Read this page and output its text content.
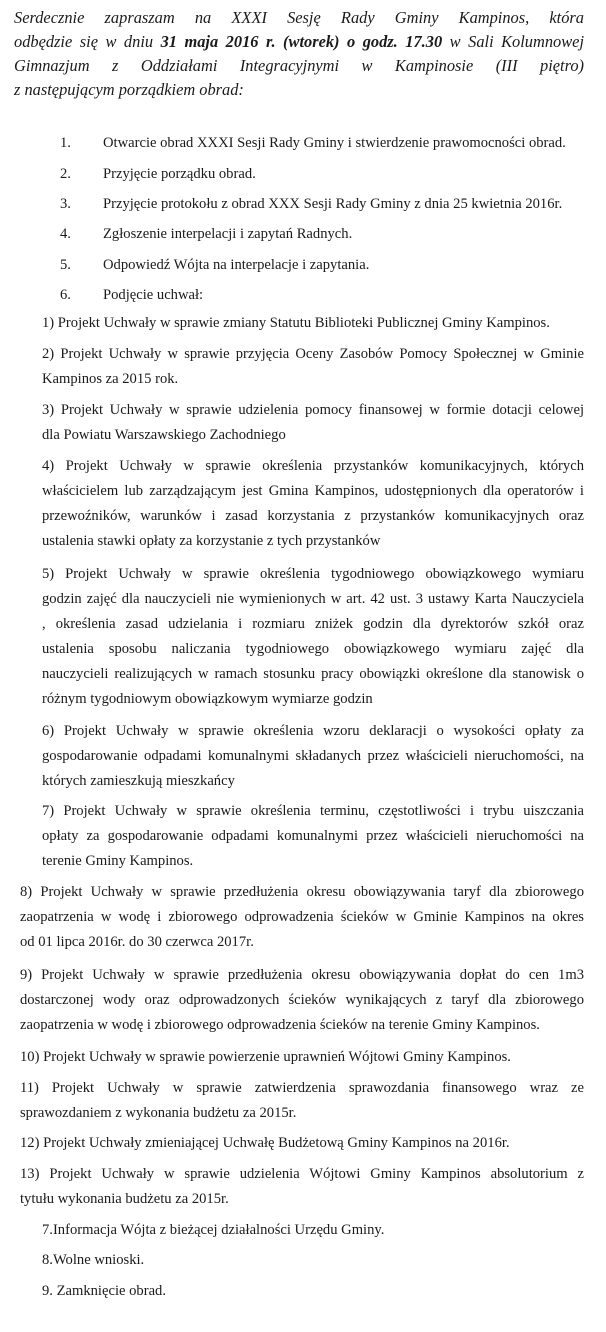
Serdecznie zapraszam na XXXI Sesję Rady Gminy Kampinos, która
odbędzie się w dniu 31 maja 2016 r. (wtorek) o godz. 17.30 w Sali Kolumnowej
Gimnazjum z Oddziałami Integracyjnymi w Kampinosie (III piętro)
z następującym porządkiem obrad:
1. Otwarcie obrad XXXI Sesji Rady Gminy i stwierdzenie prawomocności obrad.
2. Przyjęcie porządku obrad.
3. Przyjęcie protokołu z obrad XXX Sesji Rady Gminy z dnia 25 kwietnia 2016r.
4. Zgłoszenie interpelacji i zapytań Radnych.
5. Odpowiedź Wójta na interpelacje i zapytania.
6. Podjęcie uchwał:
1) Projekt Uchwały w sprawie zmiany Statutu Biblioteki Publicznej Gminy Kampinos.
2) Projekt Uchwały w sprawie przyjęcia Oceny Zasobów Pomocy Społecznej w Gminie
Kampinos za 2015 rok.
3) Projekt Uchwały w sprawie udzielenia pomocy finansowej w formie dotacji celowej
dla Powiatu Warszawskiego Zachodniego
4) Projekt Uchwały w sprawie określenia przystanków komunikacyjnych, których
właścicielem lub zarządzającym jest Gmina Kampinos, udostępnionych dla operatorów i
przewoźników, warunków i zasad korzystania z przystanków komunikacyjnych oraz
ustalenia stawki opłaty za korzystanie z tych przystanków
5) Projekt Uchwały w sprawie określenia tygodniowego obowiązkowego wymiaru
godzin zajęć dla nauczycieli nie wymienionych w art. 42 ust. 3 ustawy Karta Nauczyciela
, określenia zasad udzielania i rozmiaru zniżek godzin dla dyrektorów szkół oraz
ustalenia sposobu naliczania tygodniowego obowiązkowego wymiaru zajęć dla
nauczycieli realizujących w ramach stosunku pracy obowiązki określone dla stanowisk o
różnym tygodniowym obowiązkowym wymiarze godzin
6) Projekt Uchwały w sprawie określenia wzoru deklaracji o wysokości opłaty za
gospodarowanie odpadami komunalnymi składanych przez właścicieli nieruchomości, na
których zamieszkują mieszkańcy
7) Projekt Uchwały w sprawie określenia terminu, częstotliwości i trybu uiszczania
opłaty za gospodarowanie odpadami komunalnymi przez właścicieli nieruchomości na
terenie Gminy Kampinos.
8) Projekt Uchwały w sprawie przedłużenia okresu obowiązywania taryf dla zbiorowego
zaopatrzenia w wodę i zbiorowego odprowadzenia ścieków w Gminie Kampinos na okres
od 01 lipca 2016r. do 30 czerwca 2017r.
9) Projekt Uchwały w sprawie przedłużenia okresu obowiązywania dopłat do cen 1m3
dostarczonej wody oraz odprowadzonych ścieków wynikających z taryf dla zbiorowego
zaopatrzenia w wodę i zbiorowego odprowadzenia ścieków na terenie Gminy Kampinos.
10) Projekt Uchwały w sprawie powierzenie uprawnień Wójtowi Gminy Kampinos.
11) Projekt Uchwały w sprawie zatwierdzenia sprawozdania finansowego wraz ze
sprawozdaniem z wykonania budżetu za 2015r.
12) Projekt Uchwały zmieniającej Uchwałę Budżetową Gminy Kampinos na 2016r.
13) Projekt Uchwały w sprawie udzielenia Wójtowi Gminy Kampinos absolutorium z
tytułu wykonania budżetu za 2015r.
7.Informacja Wójta z bieżącej działalności Urzędu Gminy.
8.Wolne wnioski.
9. Zamknięcie obrad.
